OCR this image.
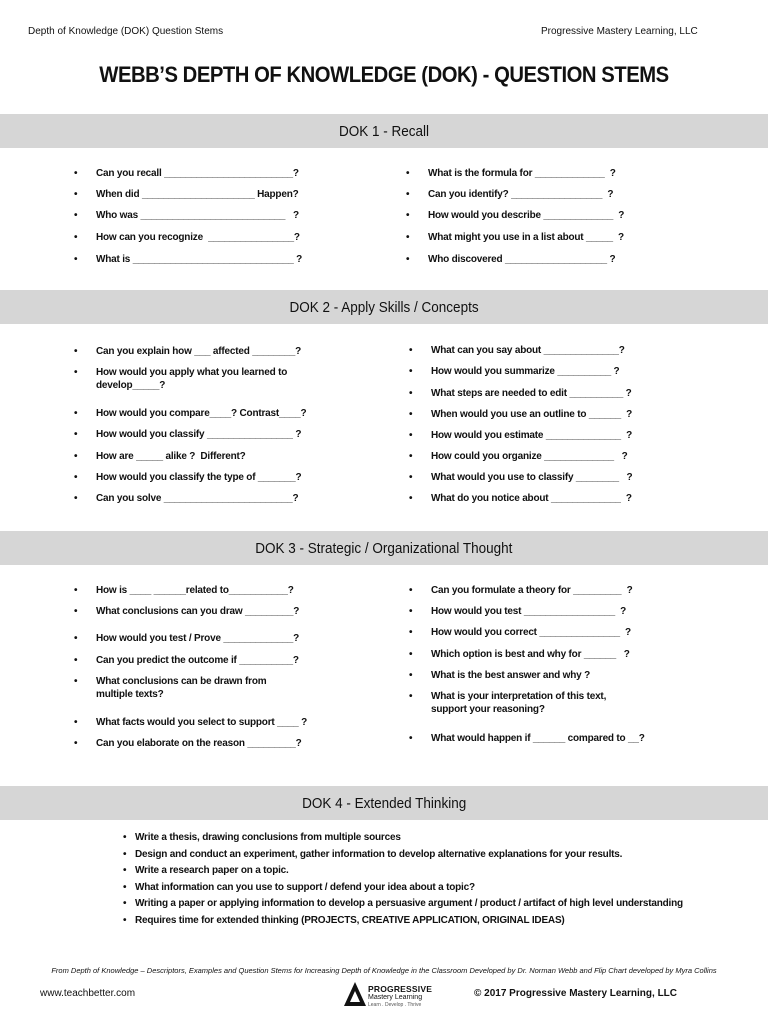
Depth of Knowledge (DOK) Question Stems	Progressive Mastery Learning, LLC
WEBB’S DEPTH OF KNOWLEDGE (DOK) - QUESTION STEMS
DOK 1 - Recall
• Can you recall ________________________?
• When did _____________________ Happen?
• Who was ___________________________   ?
• How can you recognize  ________________?
• What is ______________________________ ?
• What is the formula for _____________  ?
• Can you identify? _________________  ?
• How would you describe _____________  ?
• What might you use in a list about _____  ?
• Who discovered ___________________ ?
DOK 2 - Apply Skills / Concepts
• Can you explain how ___ affected ________?
• How would you apply what you learned to develop_____?
• How would you compare____? Contrast____?
• How would you classify ________________ ?
• How are _____ alike ?  Different?
• How would you classify the type of _______?
• Can you solve ________________________?
• What can you say about ______________?
• How would you summarize __________ ?
• What steps are needed to edit __________ ?
• When would you use an outline to ______  ?
• How would you estimate ______________  ?
• How could you organize _____________   ?
• What would you use to classify ________   ?
• What do you notice about _____________  ?
DOK 3 - Strategic / Organizational Thought
• How is ____ ______related to___________?
• What conclusions can you draw _________?
• How would you test / Prove _____________?
• Can you predict the outcome if __________?
• What conclusions can be drawn from multiple texts?
• What facts would you select to support ____ ?
• Can you elaborate on the reason _________?
• Can you formulate a theory for _________  ?
• How would you test _________________  ?
• How would you correct _______________  ?
• Which option is best and why for ______   ?
• What is the best answer and why ?
• What is your interpretation of this text, support your reasoning?
• What would happen if ______ compared to __?
DOK 4 - Extended Thinking
• Write a thesis, drawing conclusions from multiple sources
• Design and conduct an experiment, gather information to develop alternative explanations for your results.
• Write a research paper on a topic.
• What information can you use to support / defend your idea about a topic?
• Writing a paper or applying information to develop a persuasive argument / product / artifact of high level understanding
• Requires time for extended thinking (PROJECTS, CREATIVE APPLICATION, ORIGINAL IDEAS)
From Depth of Knowledge – Descriptors, Examples and Question Stems for Increasing Depth of Knowledge in the Classroom Developed by Dr. Norman Webb and Flip Chart developed by Myra Collins
www.teachbetter.com	PROGRESSIVE
Mastery Learning
Learn . Develop . Thrive
© 2017 Progressive Mastery Learning, LLC
